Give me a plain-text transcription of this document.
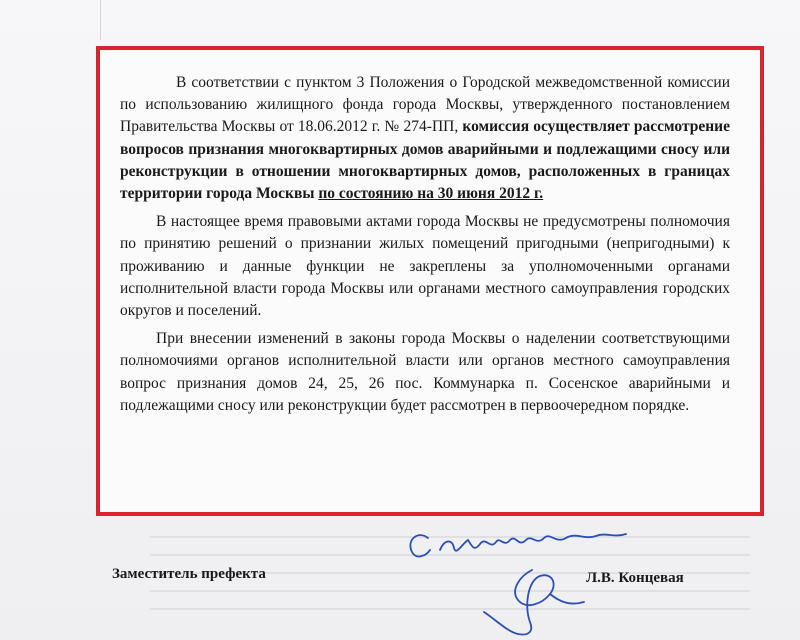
В соответствии с пунктом 3 Положения о Городской межведомственной комиссии по использованию жилищного фонда города Москвы, утвержденного постановлением Правительства Москвы от 18.06.2012 г. № 274-ПП, комиссия осуществляет рассмотрение вопросов признания многоквартирных домов аварийными и подлежащими сносу или реконструкции в отношении многоквартирных домов, расположенных в границах территории города Москвы по состоянию на 30 июня 2012 г.

В настоящее время правовыми актами города Москвы не предусмотрены полномочия по принятию решений о признании жилых помещений пригодными (непригодными) к проживанию и данные функции не закреплены за уполномоченными органами исполнительной власти города Москвы или органами местного самоуправления городских округов и поселений.

При внесении изменений в законы города Москвы о наделении соответствующими полномочиями органов исполнительной власти или органов местного самоуправления вопрос признания домов 24, 25, 26 пос. Коммунарка п. Сосенское аварийными и подлежащими сносу или реконструкции будет рассмотрен в первоочередном порядке.

Заместитель префекта	Л.В. Концевая
